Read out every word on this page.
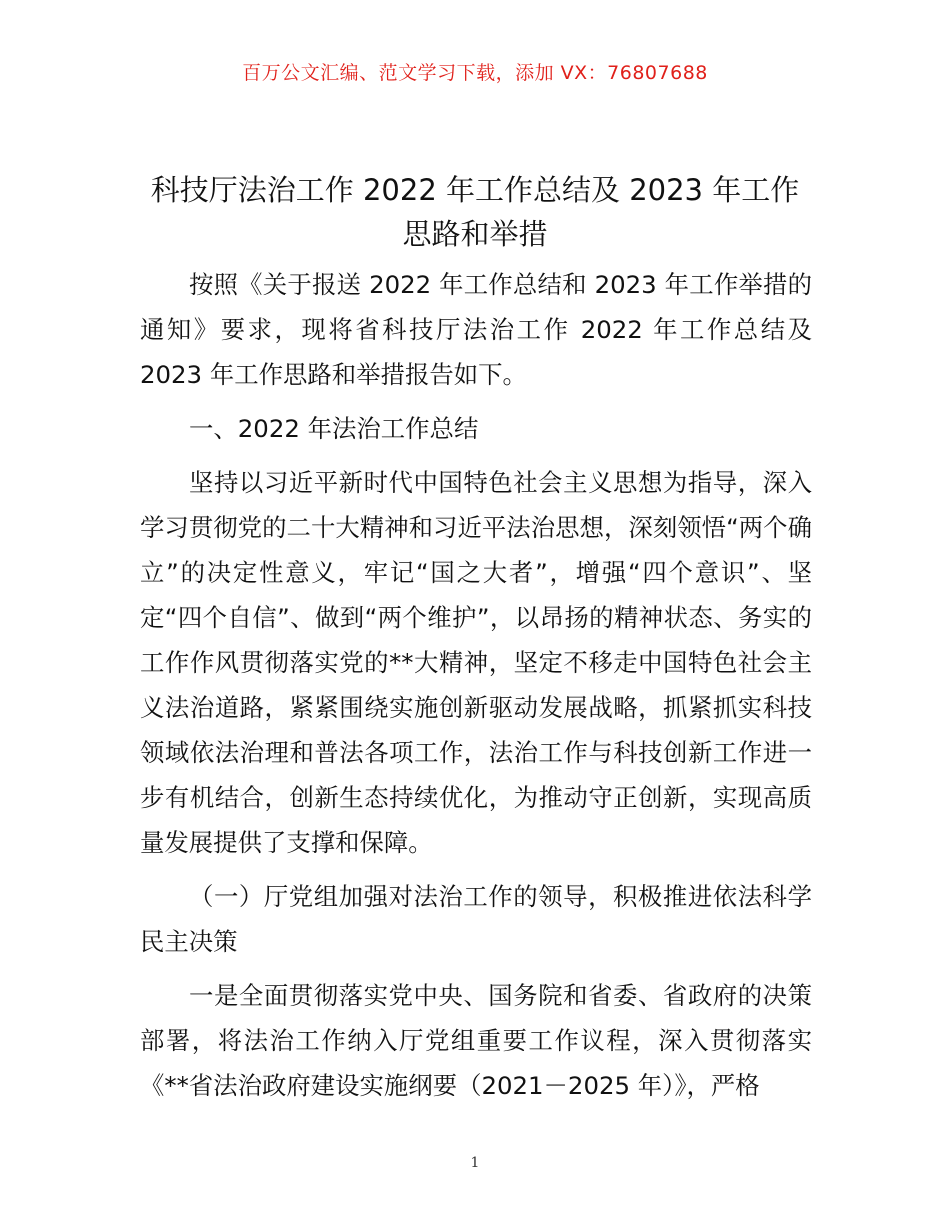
百万公文汇编、范文学习下载，添加 VX：76807688
科技厅法治工作 2022 年工作总结及 2023 年工作思路和举措

按照《关于报送 2022 年工作总结和 2023 年工作举措的通知》要求，现将省科技厅法治工作 2022 年工作总结及 2023 年工作思路和举措报告如下。

一、2022 年法治工作总结

坚持以习近平新时代中国特色社会主义思想为指导，深入学习贯彻党的二十大精神和习近平法治思想，深刻领悟“两个确立”的决定性意义，牢记“国之大者”，增强“四个意识”、坚定“四个自信”、做到“两个维护”，以昂扬的精神状态、务实的工作作风贯彻落实党的**大精神，坚定不移走中国特色社会主义法治道路，紧紧围绕实施创新驱动发展战略，抓紧抓实科技领域依法治理和普法各项工作，法治工作与科技创新工作进一步有机结合，创新生态持续优化，为推动守正创新，实现高质量发展提供了支撑和保障。

（一）厅党组加强对法治工作的领导，积极推进依法科学民主决策

一是全面贯彻落实党中央、国务院和省委、省政府的决策部署，将法治工作纳入厅党组重要工作议程，深入贯彻落实《**省法治政府建设实施纲要（2021－2025 年）》，严格

1
